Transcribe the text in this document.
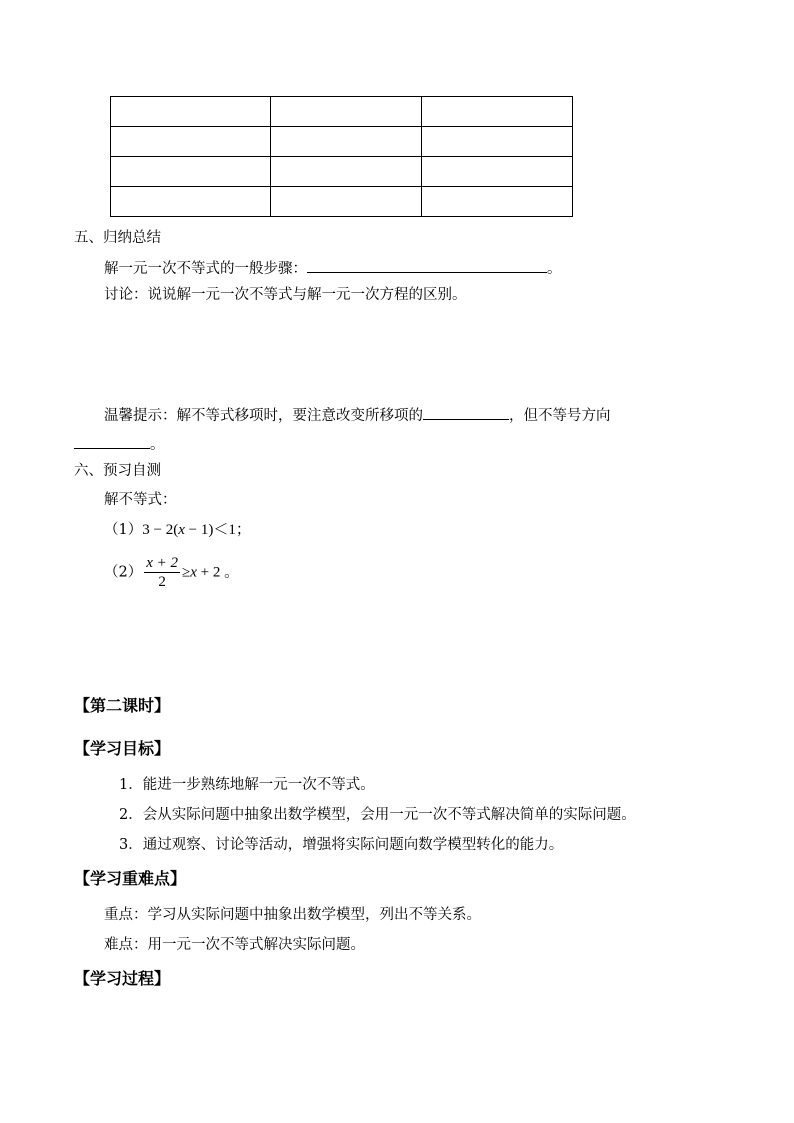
五、归纳总结
解一元一次不等式的一般步骤：	。
讨论：说说解一元一次不等式与解一元一次方程的区别。
温馨提示：解不等式移项时，要注意改变所移项的	，但不等号方向
。
六、预习自测
解不等式：
（1）3 − 2(x − 1)＜1；
$(2) \frac{x + 2}{2} \ge x + 2$ 。
【第二课时】
【学习目标】
1．能进一步熟练地解一元一次不等式。
2．会从实际问题中抽象出数学模型，会用一元一次不等式解决简单的实际问题。
3．通过观察、讨论等活动，增强将实际问题向数学模型转化的能力。
【学习重难点】
重点：学习从实际问题中抽象出数学模型，列出不等关系。
难点：用一元一次不等式解决实际问题。
【学习过程】
